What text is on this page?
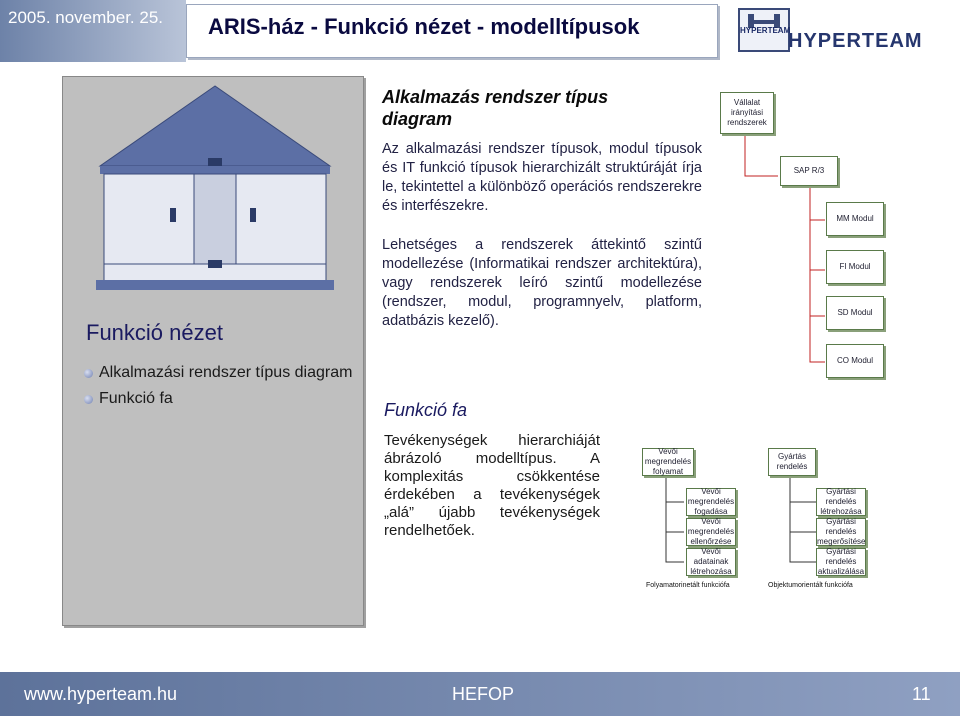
2005. november. 25. ARIS-ház - Funkció nézet - modelltípusok	HYPERTEAM
HYPERTEAM
Funkció nézet
Alkalmazási rendszer típus diagram
Funkció fa
Alkalmazás rendszer típus diagram
Az alkalmazási rendszer típusok, modul típusok és IT funkció típusok hierarchizált struktúráját írja le, tekintettel a különböző operációs rendszerekre és interfészekre.
Lehetséges a rendszerek áttekintő szintű modellezése (Informatikai rendszer architektúra), vagy rendszerek leíró szintű modellezése (rendszer, modul, programnyelv, platform, adatbázis kezelő).
Funkció fa
Tevékenységek hierarchiáját ábrázoló modelltípus. A komplexitás csökkentése érdekében a tevékenységek „alá” újabb tevékenységek rendelhetőek.
Vállalat irányítási rendszerek
SAP R/3
MM Modul
FI Modul
SD Modul
CO Modul
Vevői megrendelés folyamat
Vevői megrendelés fogadása
Vevői megrendelés ellenőrzése
Vevői adatainak létrehozása
Folyamatorinetált funkciófa
Gyártás rendelés
Gyártási rendelés létrehozása
Gyártási rendelés megerősítése
Gyártási rendelés aktualizálása
Objektumorientált funkciófa
www.hyperteam.hu	HEFOP	11
